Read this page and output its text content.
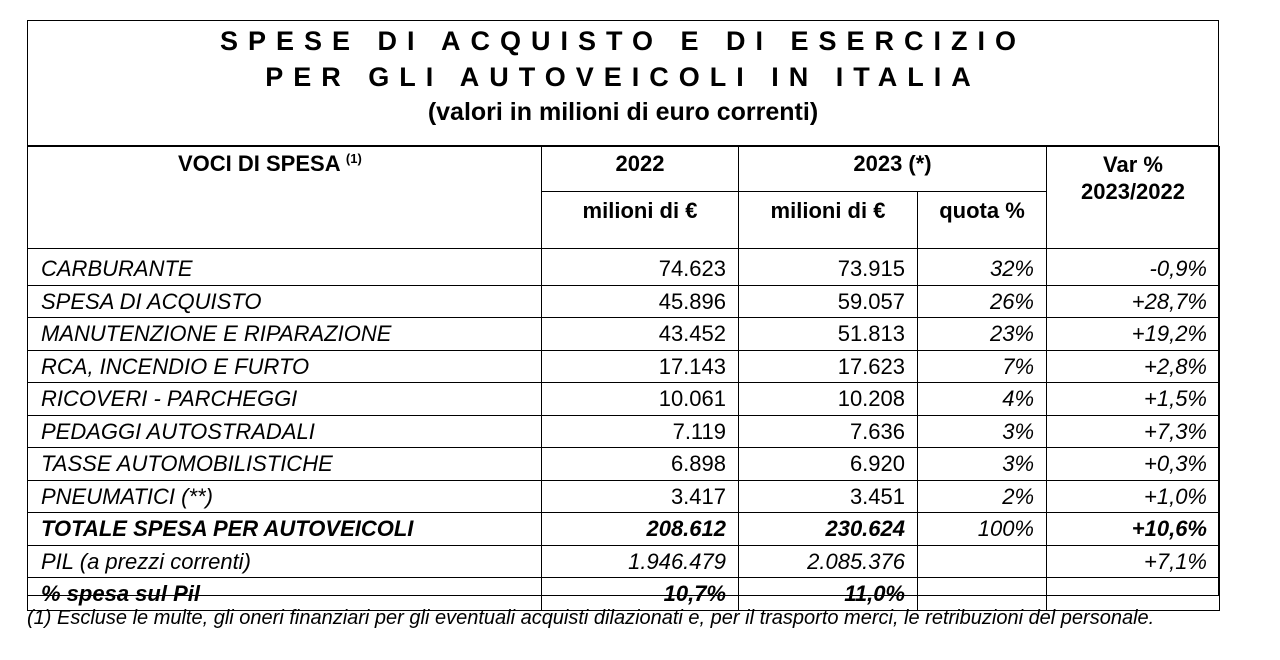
SPESE DI ACQUISTO E DI ESERCIZIO
PER GLI AUTOVEICOLI IN ITALIA
(valori in milioni di euro correnti)
VOCI DI SPESA $^{(1)}$	2022	2023 (*)		Var %
2023/2022

	milioni di €	milioni di €	quota %	
CARBURANTE	74.623	73.915	32%	-0,9%
SPESA DI ACQUISTO	45.896	59.057	26%	+28,7%
MANUTENZIONE E RIPARAZIONE	43.452	51.813	23%	+19,2%
RCA, INCENDIO E FURTO	17.143	17.623	7%	+2,8%
RICOVERI - PARCHEGGI	10.061	10.208	4%	+1,5%
PEDAGGI AUTOSTRADALI	7.119	7.636	3%	+7,3%
TASSE AUTOMOBILISTICHE	6.898	6.920	3%	+0,3%
PNEUMATICI (**)	3.417	3.451	2%	+1,0%
TOTALE SPESA PER AUTOVEICOLI	208.612	230.624	100%	+10,6%
PIL (a prezzi correnti)	1.946.479	2.085.376		+7,1%
% spesa sul Pil	10,7%	11,0%		
(1) Escluse le multe, gli oneri finanziari per gli eventuali acquisti dilazionati e, per il trasporto merci, le retribuzioni del personale.
